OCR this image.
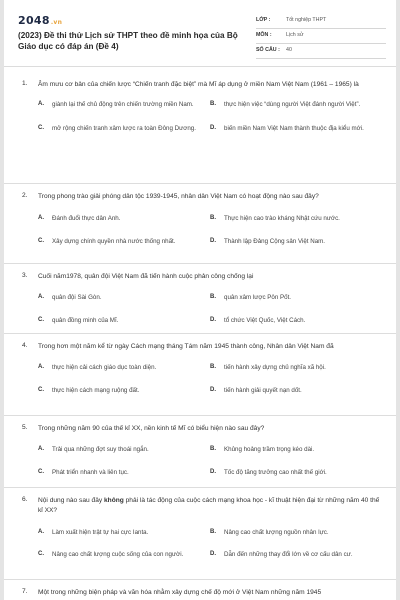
2048.vn
(2023) Đề thi thử Lịch sử THPT theo đề minh họa của Bộ Giáo dục có đáp án (Đề 4)
LỚP :	Tốt nghiệp THPT
MÔN :	Lịch sử
SỐ CÂU : 40
1. Âm mưu cơ bản của chiến lược “Chiến tranh đặc biệt” mà Mĩ áp dụng ở miền Nam Việt Nam (1961 – 1965) là
A. giành lại thế chủ động trên chiến trường miền Nam.	B. thực hiện việc “dùng người Việt đánh người Việt”.
C. mở rộng chiến tranh xâm lược ra toàn Đông Dương. D. biến miền Nam Việt Nam thành thuộc địa kiểu mới.
2. Trong phong trào giải phóng dân tộc 1939-1945, nhân dân Việt Nam có hoạt động nào sau đây?
A. Đánh đuổi thực dân Anh.	B. Thực hiện cao trào kháng Nhật cứu nước.
C. Xây dựng chính quyền nhà nước thống nhất.	D. Thành lập Đảng Cộng sản Việt Nam.
3. Cuối năm1978, quân đội Việt Nam đã tiến hành cuộc phản công chống lại
A. quân đội Sài Gòn.	B. quân xâm lược Pôn Pốt.
C. quân đồng minh của Mĩ.	D. tổ chức Việt Quốc, Việt Cách.
4. Trong hơn một năm kể từ ngày Cách mạng tháng Tám năm 1945 thành công, Nhân dân Việt Nam đã
A. thực hiện cải cách giáo dục toàn diện.	B. tiến hành xây dựng chủ nghĩa xã hội.
C. thực hiện cách mạng ruộng đất.	D. tiến hành giải quyết nạn dốt.
5. Trong những năm 90 của thế kỉ XX, nền kinh tế Mĩ có biểu hiện nào sau đây?
A. Trải qua những đợt suy thoái ngắn.	B. Khủng hoảng trầm trọng kéo dài.
C. Phát triển nhanh và liên tục.	D. Tốc độ tăng trưởng cao nhất thế giới.
6. Nội dung nào sau đây không phải là tác động của cuộc cách mạng khoa học - kĩ thuật hiện đại từ những năm 40 thế kỉ XX?
A. Làm xuất hiện trật tự hai cực Ianta.	B. Nâng cao chất lượng nguồn nhân lực.
C. Nâng cao chất lượng cuộc sống của con người.	D. Dẫn đến những thay đổi lớn về cơ cấu dân cư.
7. Một trong những biện pháp và văn hóa nhằm xây dựng chế độ mới ở Việt Nam những năm 1945
